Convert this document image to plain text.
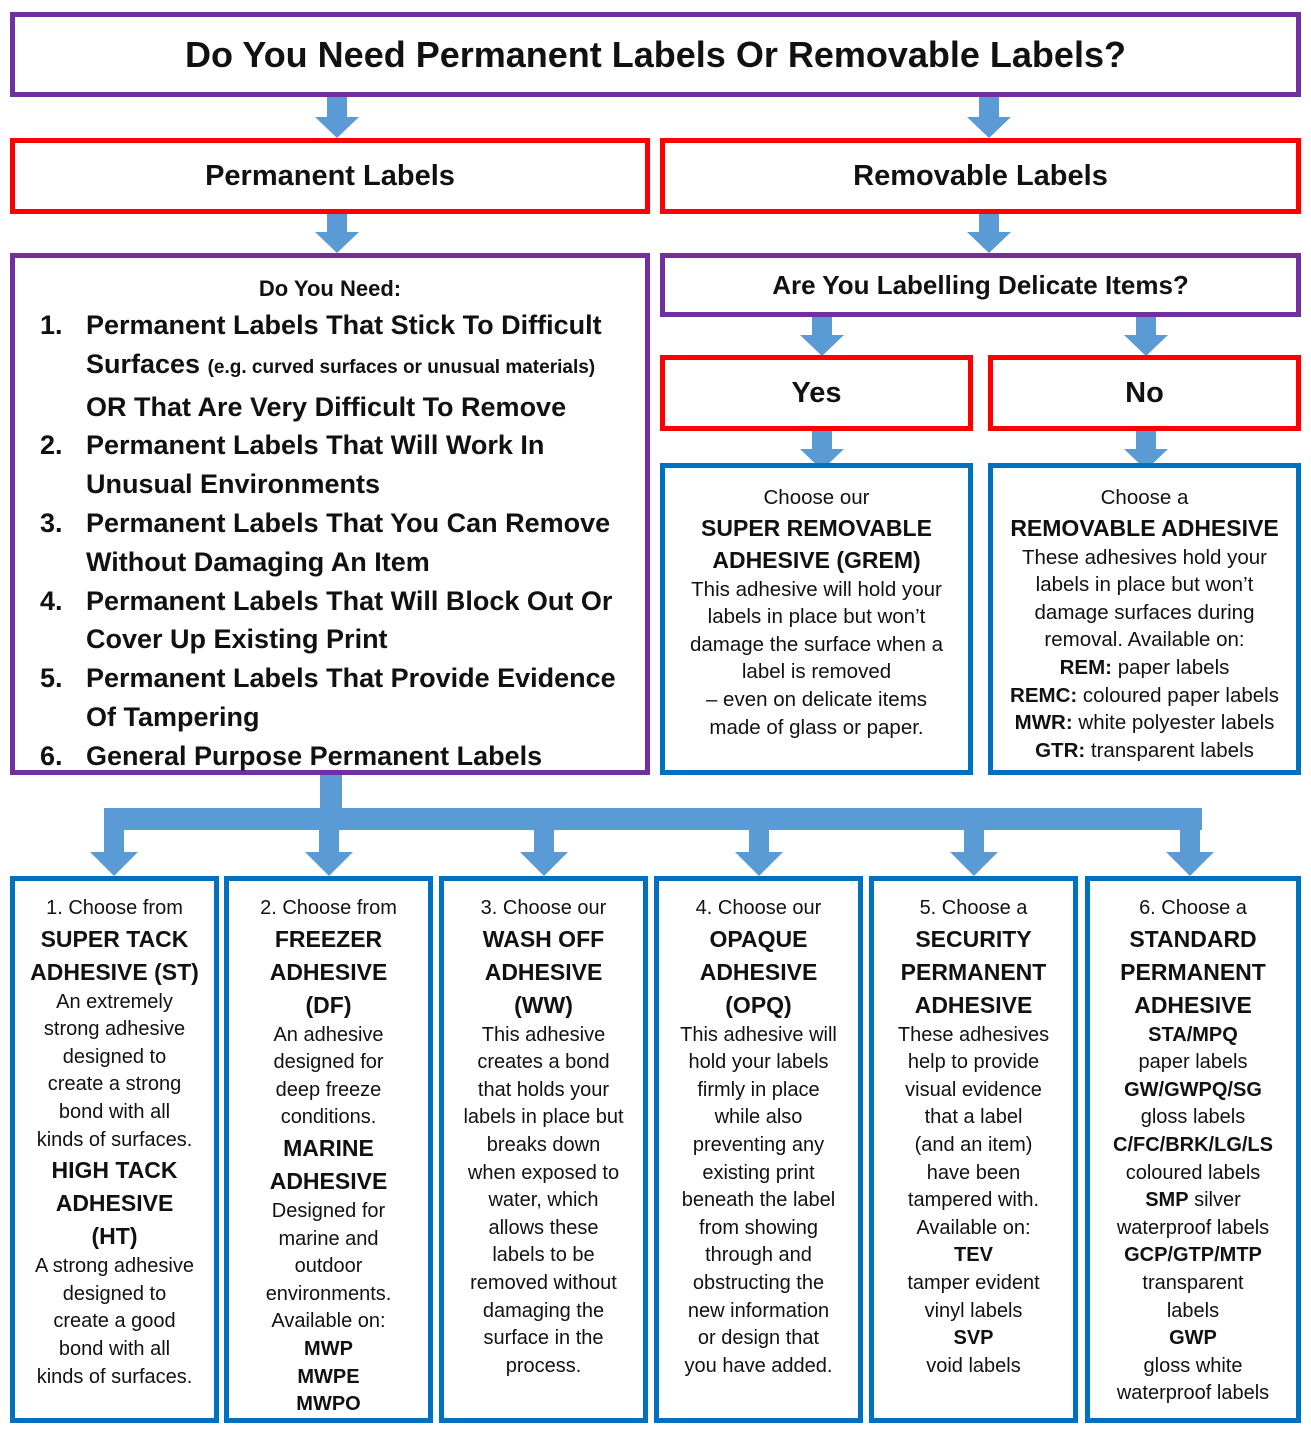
Do You Need Permanent Labels Or Removable Labels?
Permanent Labels	Removable Labels
Do You Need:
1. Permanent Labels That Stick To Difficult Surfaces (e.g. curved surfaces or unusual materials)
OR That Are Very Difficult To Remove
2. Permanent Labels That Will Work In Unusual Environments
3. Permanent Labels That You Can Remove Without Damaging An Item
4. Permanent Labels That Will Block Out Or Cover Up Existing Print
5. Permanent Labels That Provide Evidence Of Tampering
6. General Purpose Permanent Labels
Are You Labelling Delicate Items?
Yes	No
Choose our
SUPER REMOVABLE
ADHESIVE (GREM)
This adhesive will hold your
labels in place but won’t
damage the surface when a
label is removed
– even on delicate items
made of glass or paper.
Choose a
REMOVABLE ADHESIVE
These adhesives hold your
labels in place but won’t
damage surfaces during
removal. Available on:
REM: paper labels
REMC: coloured paper labels
MWR: white polyester labels
GTR: transparent labels
1. Choose from
SUPER TACK
ADHESIVE (ST)
An extremely
strong adhesive
designed to
create a strong
bond with all
kinds of surfaces.
HIGH TACK
ADHESIVE
(HT)
A strong adhesive
designed to
create a good
bond with all
kinds of surfaces.
2. Choose from
FREEZER
ADHESIVE
(DF)
An adhesive
designed for
deep freeze
conditions.
MARINE
ADHESIVE
Designed for
marine and
outdoor
environments.
Available on:
MWP
MWPE
MWPO
3. Choose our
WASH OFF
ADHESIVE
(WW)
This adhesive
creates a bond
that holds your
labels in place but
breaks down
when exposed to
water, which
allows these
labels to be
removed without
damaging the
surface in the
process.
4. Choose our
OPAQUE
ADHESIVE
(OPQ)
This adhesive will
hold your labels
firmly in place
while also
preventing any
existing print
beneath the label
from showing
through and
obstructing the
new information
or design that
you have added.
5. Choose a
SECURITY
PERMANENT
ADHESIVE
These adhesives
help to provide
visual evidence
that a label
(and an item)
have been
tampered with.
Available on:
TEV
tamper evident
vinyl labels
SVP
void labels
6. Choose a
STANDARD
PERMANENT
ADHESIVE
STA/MPQ
paper labels
GW/GWPQ/SG
gloss labels
C/FC/BRK/LG/LS
coloured labels
SMP silver
waterproof labels
GCP/GTP/MTP
transparent
labels
GWP
gloss white
waterproof labels
